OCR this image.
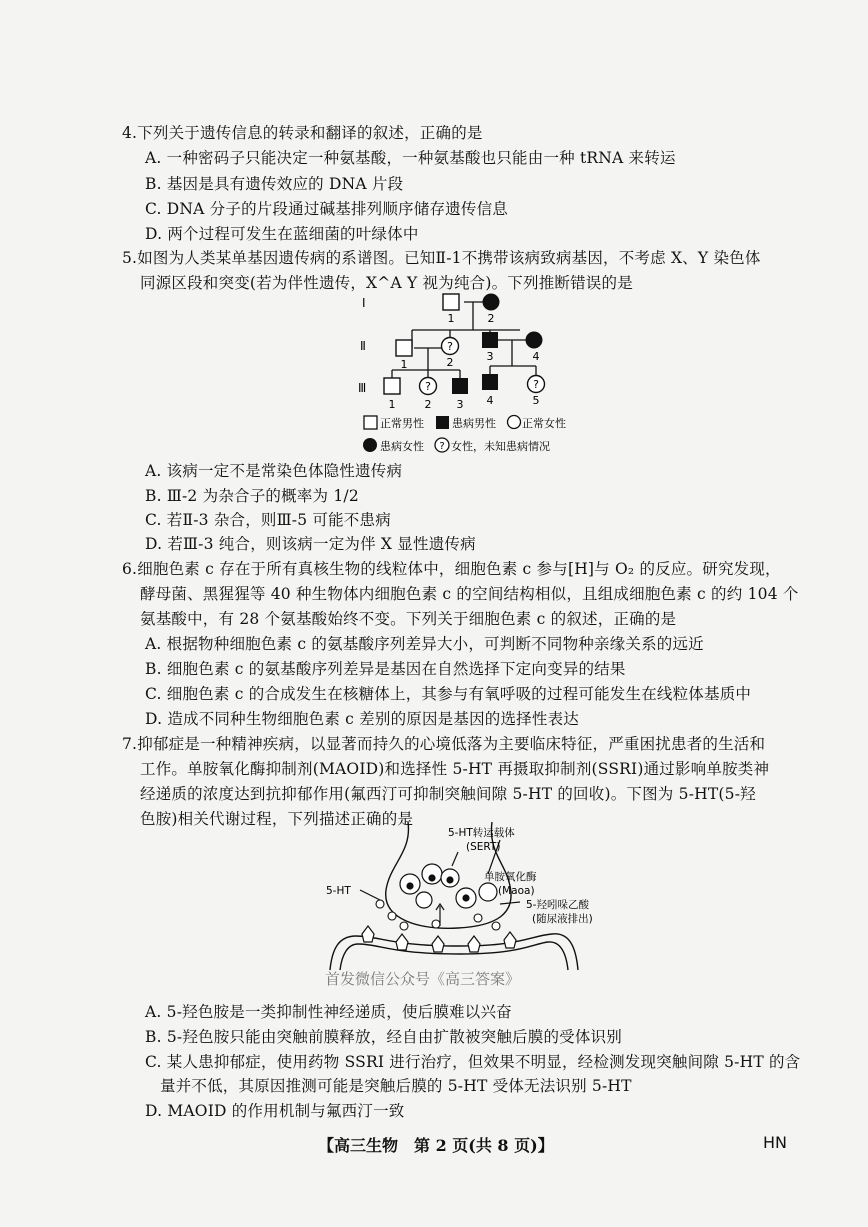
4.下列关于遗传信息的转录和翻译的叙述，正确的是
A. 一种密码子只能决定一种氨基酸，一种氨基酸也只能由一种 tRNA 来转运
B. 基因是具有遗传效应的 DNA 片段
C. DNA 分子的片段通过碱基排列顺序储存遗传信息
D. 两个过程可发生在蓝细菌的叶绿体中
5.如图为人类某单基因遗传病的系谱图。已知Ⅱ-1不携带该病致病基因，不考虑 X、Y 染色体
同源区段和突变(若为伴性遗传，X^A Y 视为纯合)。下列推断错误的是
?
?	?
Ⅰ
Ⅱ
Ⅲ
1	2
1	2	3	4
1	2 3 4	5
正常男性	患病男性 正常女性
患病女性 ? 女性，未知患病情况
A. 该病一定不是常染色体隐性遗传病
B. Ⅲ-2 为杂合子的概率为 1/2
C. 若Ⅱ-3 杂合，则Ⅲ-5 可能不患病
D. 若Ⅲ-3 纯合，则该病一定为伴 X 显性遗传病
6.细胞色素 c 存在于所有真核生物的线粒体中，细胞色素 c 参与[H]与 O₂ 的反应。研究发现，
酵母菌、黑猩猩等 40 种生物体内细胞色素 c 的空间结构相似，且组成细胞色素 c 的约 104 个
氨基酸中，有 28 个氨基酸始终不变。下列关于细胞色素 c 的叙述，正确的是
A. 根据物种细胞色素 c 的氨基酸序列差异大小，可判断不同物种亲缘关系的远近
B. 细胞色素 c 的氨基酸序列差异是基因在自然选择下定向变异的结果
C. 细胞色素 c 的合成发生在核糖体上，其参与有氧呼吸的过程可能发生在线粒体基质中
D. 造成不同种生物细胞色素 c 差别的原因是基因的选择性表达
7.抑郁症是一种精神疾病，以显著而持久的心境低落为主要临床特征，严重困扰患者的生活和
工作。单胺氧化酶抑制剂(MAOID)和选择性 5-HT 再摄取抑制剂(SSRI)通过影响单胺类神
经递质的浓度达到抗抑郁作用(氟西汀可抑制突触间隙 5-HT 的回收)。下图为 5-HT(5-羟
色胺)相关代谢过程，下列描述正确的是
5-HT转运载体
(SERT)
单胺氧化酶
(Maoa)
5-羟吲哚乙酸
(随尿液排出)
5-HT
首发微信公众号《高三答案》
A. 5-羟色胺是一类抑制性神经递质，使后膜难以兴奋
B. 5-羟色胺只能由突触前膜释放，经自由扩散被突触后膜的受体识别
C. 某人患抑郁症，使用药物 SSRI 进行治疗，但效果不明显，经检测发现突触间隙 5-HT 的含
量并不低，其原因推测可能是突触后膜的 5-HT 受体无法识别 5-HT
D. MAOID 的作用机制与氟西汀一致
【高三生物　第 2 页(共 8 页)】	HN
